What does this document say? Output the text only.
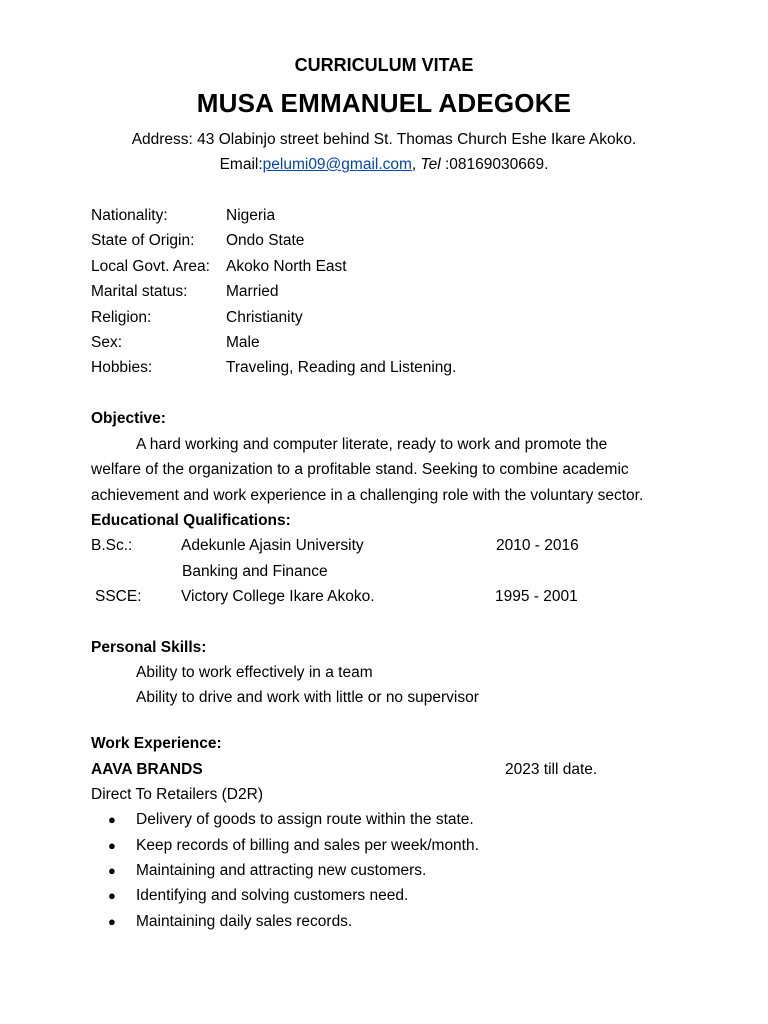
CURRICULUM VITAE
MUSA EMMANUEL ADEGOKE
Address: 43 Olabinjo street behind St. Thomas Church Eshe Ikare Akoko.
Email:pelumi09@gmail.com, Tel :08169030669.
Nationality:	Nigeria
State of Origin: Ondo State
Local Govt. Area: Akoko North East
Marital status: Married
Religion:	Christianity
Sex:	Male
Hobbies:	Traveling, Reading and Listening.
Objective:
A hard working and computer literate, ready to work and promote the
welfare of the organization to a profitable stand. Seeking to combine academic
achievement and work experience in a challenging role with the voluntary sector.
Educational Qualifications:
B.Sc.:	Adekunle Ajasin University	2010 - 2016
Banking and Finance
SSCE:	Victory College Ikare Akoko.	1995 - 2001
Personal Skills:
Ability to work effectively in a team
Ability to drive and work with little or no supervisor
Work Experience:
AAVA BRANDS	2023 till date.
Direct To Retailers (D2R)
● Delivery of goods to assign route within the state.
● Keep records of billing and sales per week/month.
● Maintaining and attracting new customers.
● Identifying and solving customers need.
● Maintaining daily sales records.
